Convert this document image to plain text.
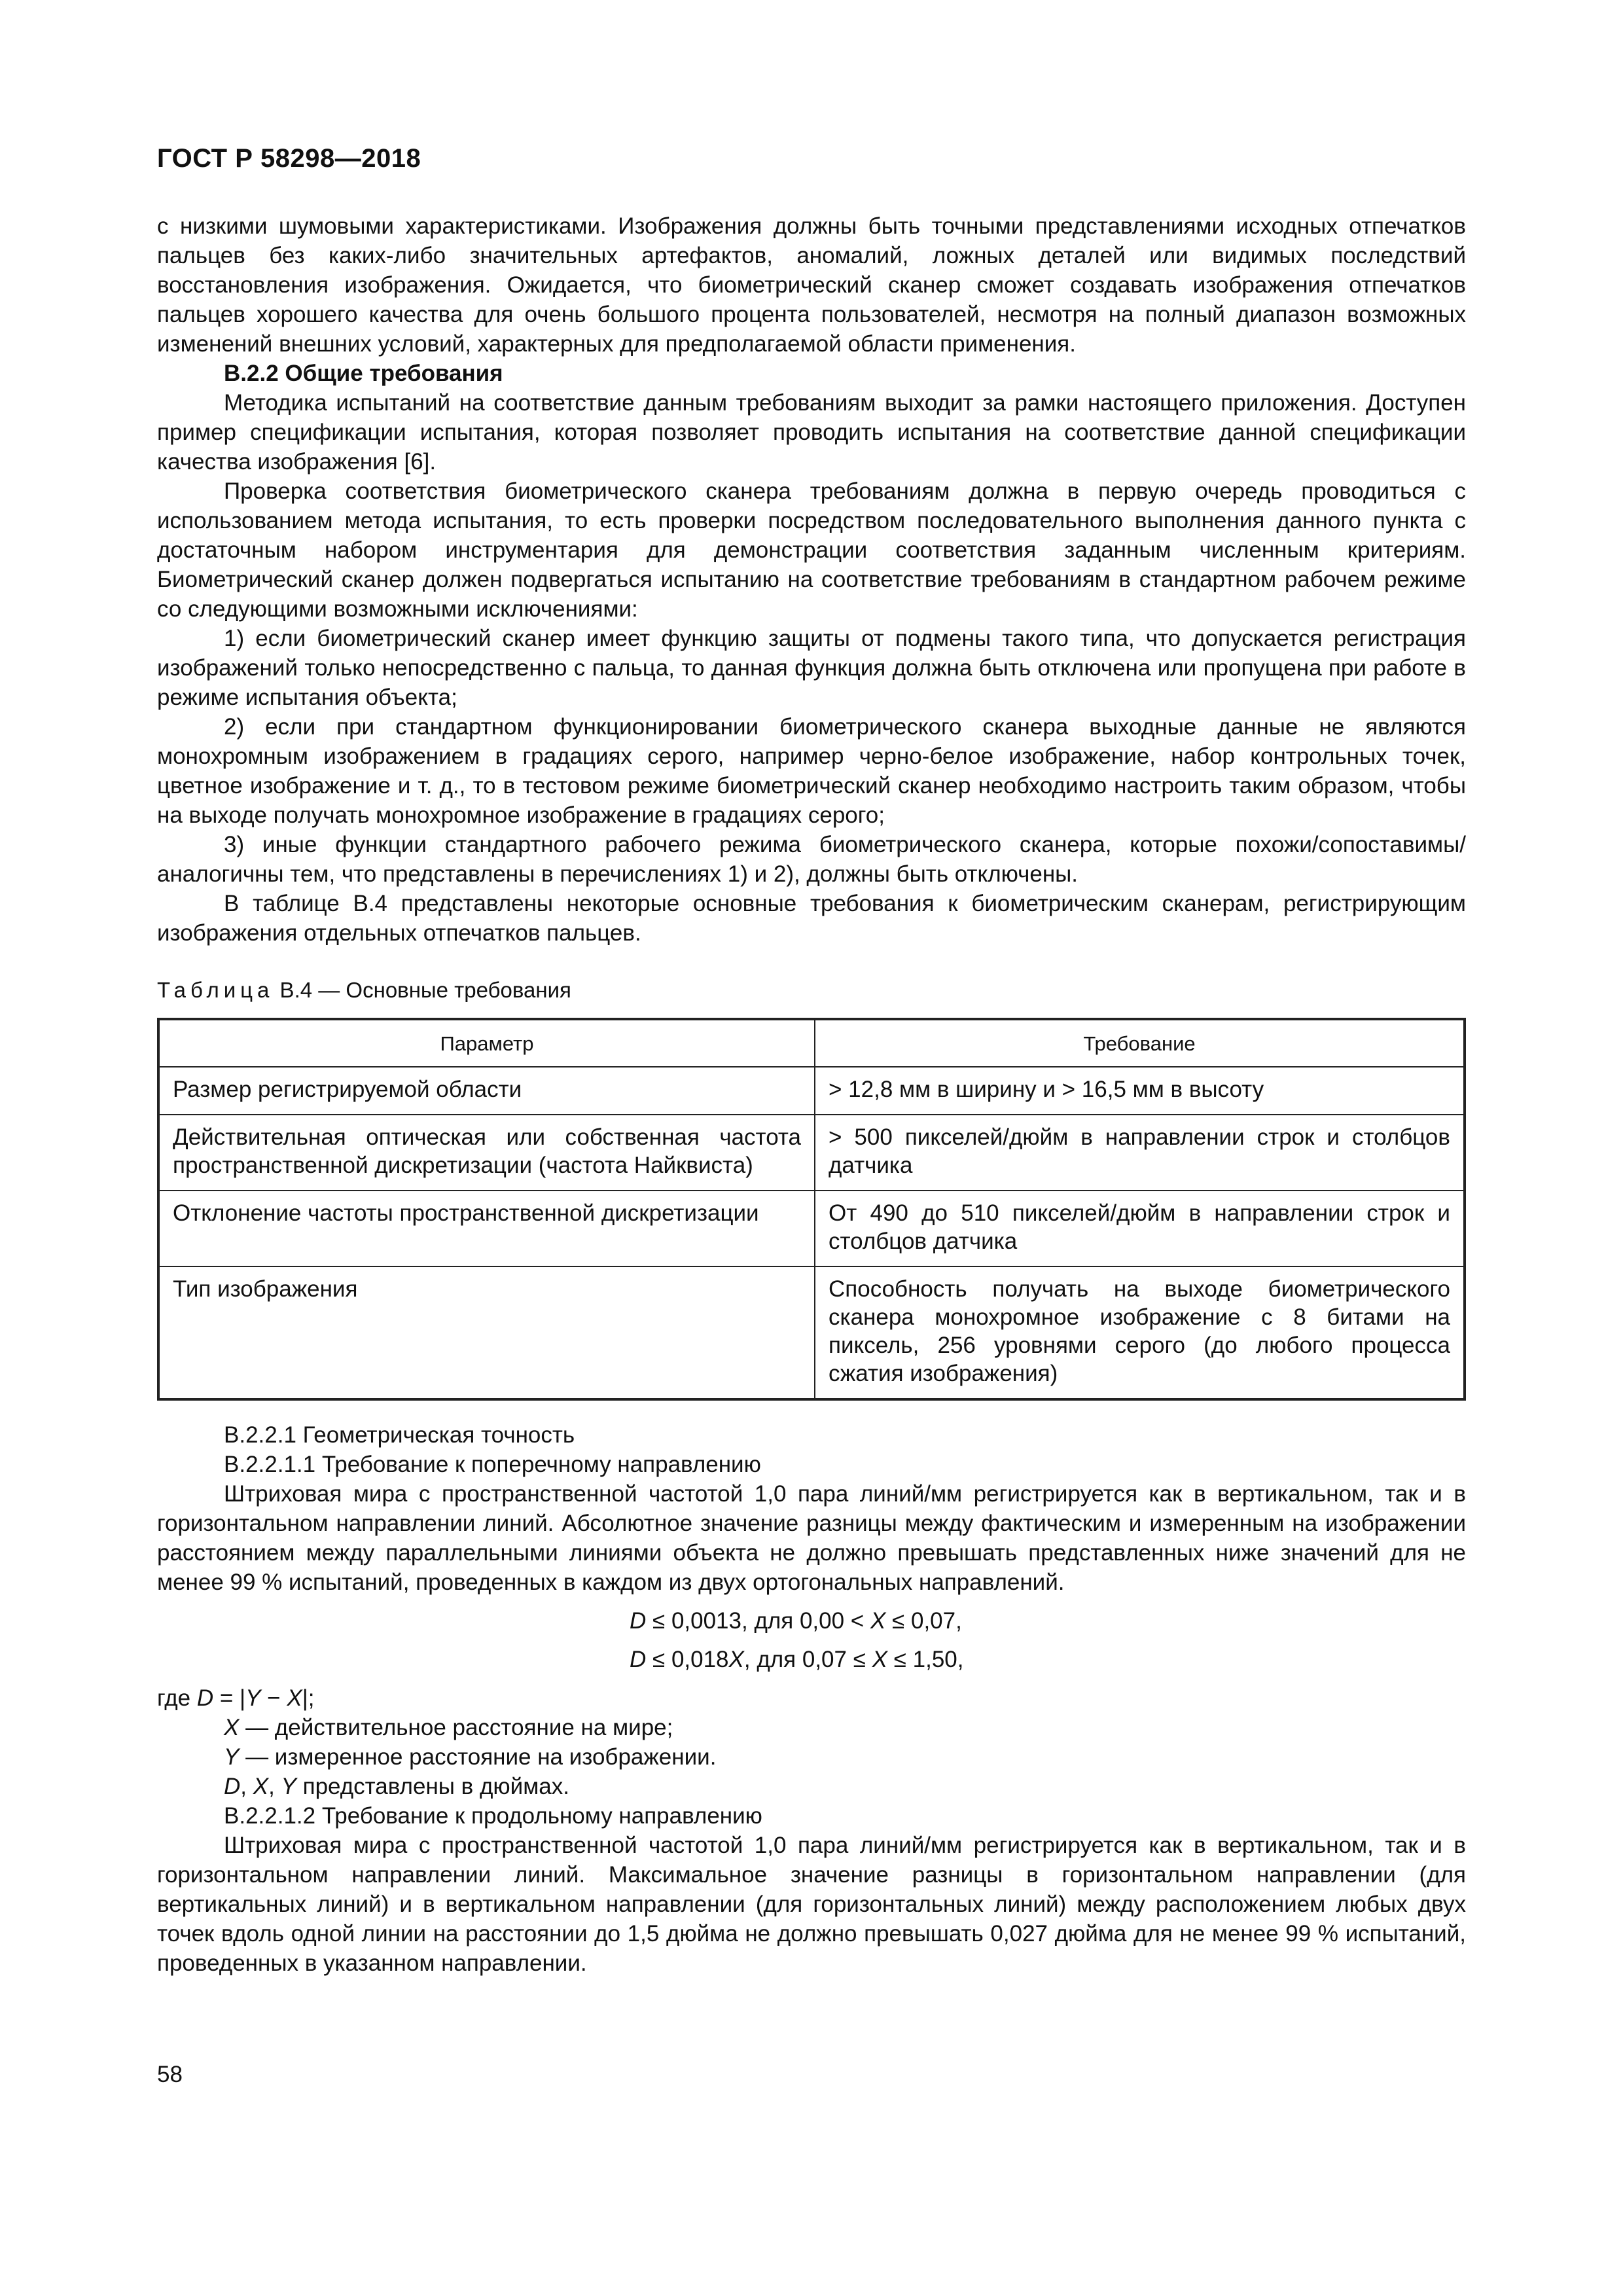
ГОСТ Р 58298—2018

с низкими шумовыми характеристиками. Изображения должны быть точными представлениями исходных отпечатков пальцев без каких-либо значительных артефактов, аномалий, ложных деталей или видимых последствий восстановления изображения. Ожидается, что биометрический сканер сможет создавать изображения отпечатков пальцев хорошего качества для очень большого процента пользователей, несмотря на полный диапазон возможных изменений внешних условий, характерных для предполагаемой области применения.

В.2.2 Общие требования

Методика испытаний на соответствие данным требованиям выходит за рамки настоящего приложения. Доступен пример спецификации испытания, которая позволяет проводить испытания на соответствие данной спецификации качества изображения [6].

Проверка соответствия биометрического сканера требованиям должна в первую очередь проводиться с использованием метода испытания, то есть проверки посредством последовательного выполнения данного пункта с достаточным набором инструментария для демонстрации соответствия заданным численным критериям. Биометрический сканер должен подвергаться испытанию на соответствие требованиям в стандартном рабочем режиме со следующими возможными исключениями:

1) если биометрический сканер имеет функцию защиты от подмены такого типа, что допускается регистрация изображений только непосредственно с пальца, то данная функция должна быть отключена или пропущена при работе в режиме испытания объекта;

2) если при стандартном функционировании биометрического сканера выходные данные не являются монохромным изображением в градациях серого, например черно-белое изображение, набор контрольных точек, цветное изображение и т. д., то в тестовом режиме биометрический сканер необходимо настроить таким образом, чтобы на выходе получать монохромное изображение в градациях серого;

3) иные функции стандартного рабочего режима биометрического сканера, которые похожи/сопоставимы/аналогичны тем, что представлены в перечислениях 1) и 2), должны быть отключены.

В таблице В.4 представлены некоторые основные требования к биометрическим сканерам, регистрирующим изображения отдельных отпечатков пальцев.

Таблица В.4 — Основные требования

Параметр	Требование
Размер регистрируемой области	> 12,8 мм в ширину и > 16,5 мм в высоту
Действительная оптическая или собственная частота пространственной дискретизации (частота Найквиста)	> 500 пикселей/дюйм в направлении строк и столбцов датчика
Отклонение частоты пространственной дискретизации	От 490 до 510 пикселей/дюйм в направлении строк и столбцов датчика
Тип изображения	Способность получать на выходе биометрического сканера монохромное изображение с 8 битами на пиксель, 256 уровнями серого (до любого процесса сжатия изображения)

В.2.2.1 Геометрическая точность

В.2.2.1.1 Требование к поперечному направлению

Штриховая мира с пространственной частотой 1,0 пара линий/мм регистрируется как в вертикальном, так и в горизонтальном направлении линий. Абсолютное значение разницы между фактическим и измеренным на изображении расстоянием между параллельными линиями объекта не должно превышать представленных ниже значений для не менее 99 % испытаний, проведенных в каждом из двух ортогональных направлений.

D ≤ 0,0013, для 0,00 < X ≤ 0,07,
D ≤ 0,018X, для 0,07 ≤ X ≤ 1,50,

где D = |Y − X|;

X — действительное расстояние на мире;

Y — измеренное расстояние на изображении.

D, X, Y представлены в дюймах.

В.2.2.1.2 Требование к продольному направлению

Штриховая мира с пространственной частотой 1,0 пара линий/мм регистрируется как в вертикальном, так и в горизонтальном направлении линий. Максимальное значение разницы в горизонтальном направлении (для вертикальных линий) и в вертикальном направлении (для горизонтальных линий) между расположением любых двух точек вдоль одной линии на расстоянии до 1,5 дюйма не должно превышать 0,027 дюйма для не менее 99 % испытаний, проведенных в указанном направлении.

58
